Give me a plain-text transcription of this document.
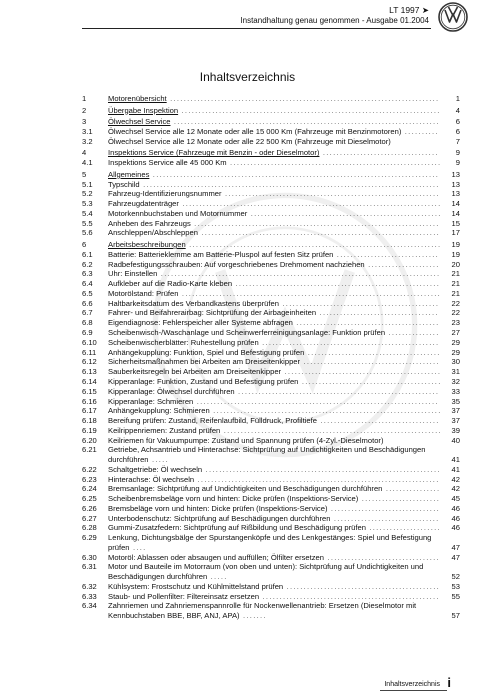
LT 1997 ➤
Instandhaltung genau genommen - Ausgabe 01.2004
Inhaltsverzeichnis
1	Motorenübersicht ...............................................................................	1
2	Übergabe Inspektion ............................................................................	4
3	Ölwechsel Service ..............................................................................	6
3.1	Ölwechsel Service alle 12 Monate oder alle 15 000 Km (Fahrzeuge mit Benzinmotoren) ..........	6
3.2	Ölwechsel Service alle 12 Monate oder alle 22 500 Km (Fahrzeuge mit Dieselmotor)	7
4	Inspektions Service (Fahrzeuge mit Benzin - oder Dieselmotor) ..................................	9
4.1	Inspektions Service alle 45 000 Km ..............................................................	9
5	Allgemeines ....................................................................................	13
5.1	Typschild .......................................................................................	13
5.2	Fahrzeug-Identifizierungsnummer ...............................................................	13
5.3	Fahrzeugdatenträger ............................................................................	14
5.4	Motorkennbuchstaben und Motornummer ........................................................	14
5.5	Anheben des Fahrzeugs ........................................................................	15
5.6	Anschleppen/Abschleppen ......................................................................	17
6	Arbeitsbeschreibungen ..........................................................................	19
6.1	Batterie: Batterieklemme am Batterie-Pluspol auf festen Sitz prüfen ..............................	19
6.2	Radbefestigungsschrauben: Auf vorgeschriebenes Drehmoment nachziehen .....................	20
6.3	Uhr: Einstellen ..................................................................................	21
6.4	Aufkleber auf die Radio-Karte kleben ............................................................	21
6.5	Motorölstand: Prüfen ............................................................................	21
6.6	Haltbarkeitsdatum des Verbandkastens überprüfen ..............................................	22
6.7	Fahrer- und Beifahrerairbag: Sichtprüfung der Airbageinheiten ...................................	22
6.8	Eigendiagnose: Fehlerspeicher aller Systeme abfragen ..........................................	23
6.9	Scheibenwisch-/Waschanlage und Scheinwerferreinigungsanlage: Funktion prüfen ...............	27
6.10	Scheibenwischerblätter: Ruhestellung prüfen ....................................................	29
6.11	Anhängekupplung: Funktion, Spiel und Befestigung prüfen .......................................	29
6.12	Sicherheitsmaßnahmen bei Arbeiten am Dreiseitenkipper ........................................	30
6.13	Sauberkeitsregeln bei Arbeiten am Dreiseitenkipper ..............................................	31
6.14	Kipperanlage: Funktion, Zustand und Befestigung prüfen .........................................	32
6.15	Kipperanlage: Ölwechsel durchführen ...........................................................	33
6.16	Kipperanlage: Schmieren .......................................................................	35
6.17	Anhängekupplung: Schmieren ...................................................................	37
6.18	Bereifung prüfen: Zustand, Reifenlaufbild, Fülldruck, Profiltiefe ...................................	37
6.19	Keilrippenriemen: Zustand prüfen ................................................................	39
6.20	Keilriemen für Vakuumpumpe: Zustand und Spannung prüfen (4-Zyl.-Dieselmotor)	40
6.21	Getriebe, Achsantrieb und Hinterachse: Sichtprüfung auf Undichtigkeiten und Beschädigungen durchführen .....	41
6.22	Schaltgetriebe: Öl wechseln .....................................................................	41
6.23	Hinterachse: Öl wechseln .......................................................................	42
6.24	Bremsanlage: Sichtprüfung auf Undichtigkeiten und Beschädigungen durchführen ................	42
6.25	Scheibenbremsbeläge vorn und hinten: Dicke prüfen (Inspektions-Service) .......................	45
6.26	Bremsbeläge vorn und hinten: Dicke prüfen (Inspektions-Service) ................................	46
6.27	Unterbodenschutz: Sichtprüfung auf Beschädigungen durchführen ...............................	46
6.28	Gummi-Zusatzfedern: Sichtprüfung auf Rißbildung und Beschädigung prüfen .....................	46
6.29	Lenkung, Dichtungsbälge der Spurstangenköpfe und des Lenkgestänges: Spiel und Befestigung prüfen ....	47
6.30	Motoröl: Ablassen oder absaugen und auffüllen; Ölfilter ersetzen .................................	47
6.31	Motor und Bauteile im Motorraum (von oben und unten): Sichtprüfung auf Undichtigkeiten und Beschädigungen durchführen .....	52
6.32	Kühlsystem: Frostschutz und Kühlmittelstand prüfen .............................................	53
6.33	Staub- und Pollenfilter: Filtereinsatz ersetzen ....................................................	55
6.34	Zahnriemen und Zahnriemenspannrolle für Nockenwellenantrieb: Ersetzen (Dieselmotor mit Kennbuchstaben BBE, BBF, ANJ, APA) .......	57
Inhaltsverzeichnis i
